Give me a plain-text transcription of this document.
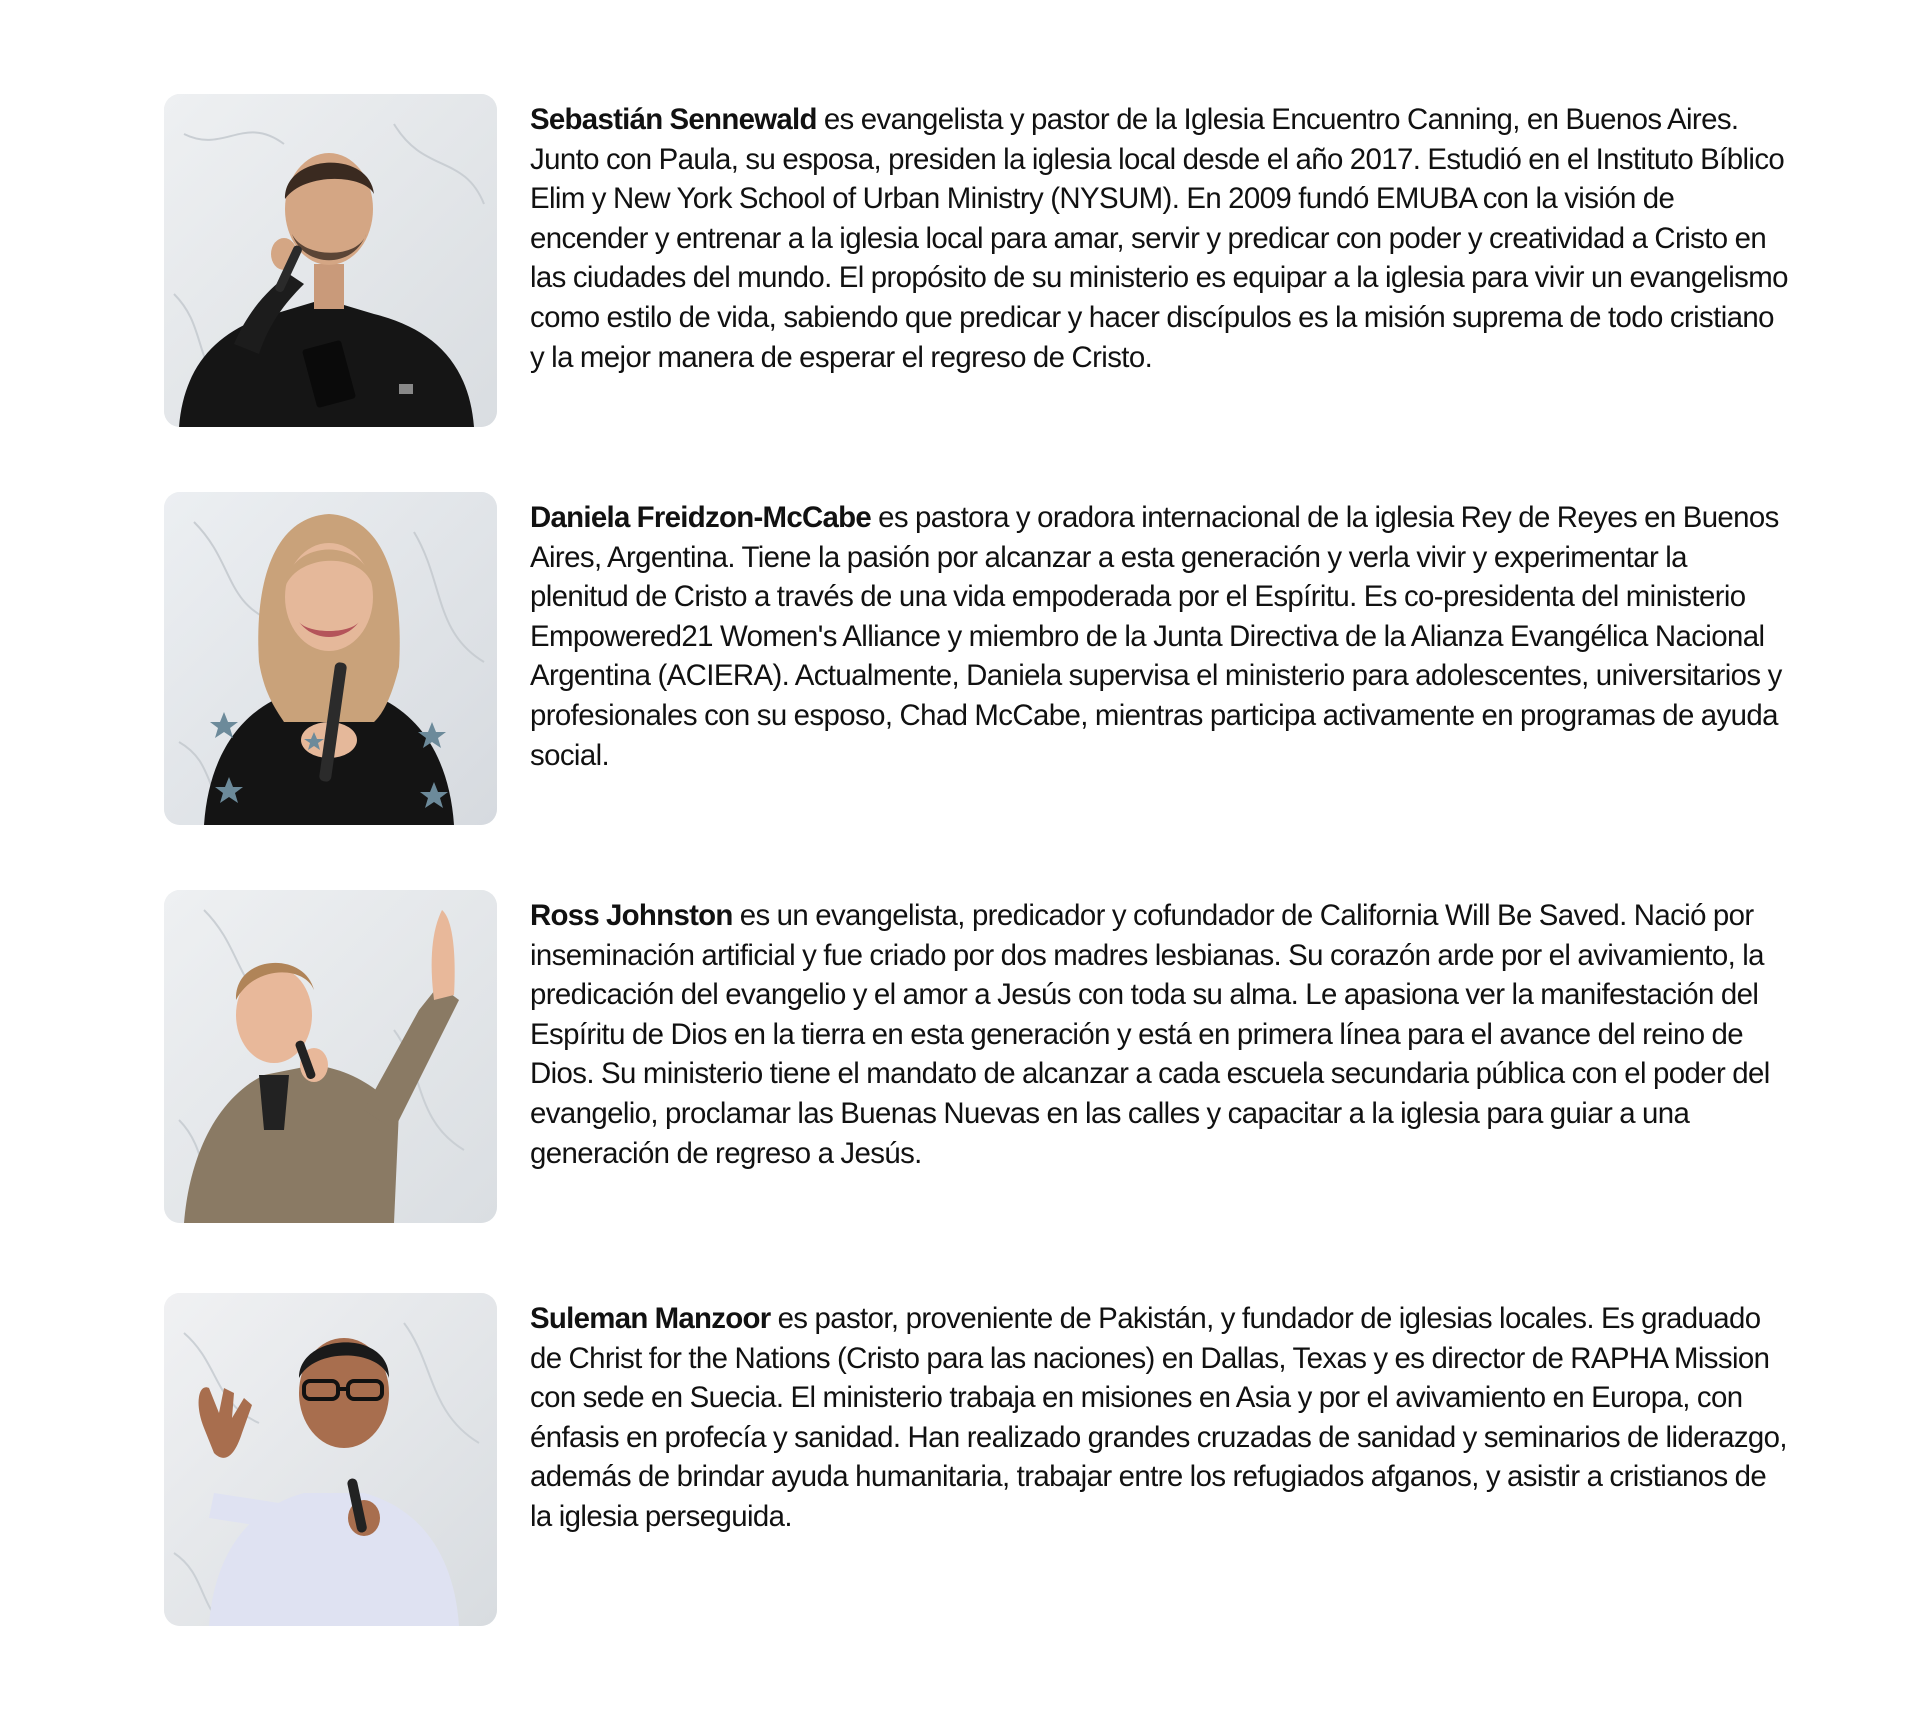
Sebastián Sennewald es evangelista y pastor de la Iglesia Encuentro Canning, en Buenos Aires. Junto con Paula, su esposa, presiden la iglesia local desde el año 2017. Estudió en el Instituto Bíblico Elim y New York School of Urban Ministry (NYSUM). En 2009 fundó EMUBA con la visión de encender y entrenar a la iglesia local para amar, servir y predicar con poder y creatividad a Cristo en las ciudades del mundo. El propósito de su ministerio es equipar a la iglesia para vivir un evangelismo como estilo de vida, sabiendo que predicar y hacer discípulos es la misión suprema de todo cristiano y la mejor manera de esperar el regreso de Cristo.

Daniela Freidzon-McCabe es pastora y oradora internacional de la iglesia Rey de Reyes en Buenos Aires, Argentina. Tiene la pasión por alcanzar a esta generación y verla vivir y experimentar la plenitud de Cristo a través de una vida empoderada por el Espíritu. Es co-presidenta del ministerio Empowered21 Women's Alliance y miembro de la Junta Directiva de la Alianza Evangélica Nacional Argentina (ACIERA). Actualmente, Daniela supervisa el ministerio para adolescentes, universitarios y profesionales con su esposo, Chad McCabe, mientras participa activamente en programas de ayuda social.

Ross Johnston es un evangelista, predicador y cofundador de California Will Be Saved. Nació por inseminación artificial y fue criado por dos madres lesbianas. Su corazón arde por el avivamiento, la predicación del evangelio y el amor a Jesús con toda su alma. Le apasiona ver la manifestación del Espíritu de Dios en la tierra en esta generación y está en primera línea para el avance del reino de Dios. Su ministerio tiene el mandato de alcanzar a cada escuela secundaria pública con el poder del evangelio, proclamar las Buenas Nuevas en las calles y capacitar a la iglesia para guiar a una generación de regreso a Jesús.

Suleman Manzoor es pastor, proveniente de Pakistán, y fundador de iglesias locales. Es graduado de Christ for the Nations (Cristo para las naciones) en Dallas, Texas y es director de RAPHA Mission con sede en Suecia. El ministerio trabaja en misiones en Asia y por el avivamiento en Europa, con énfasis en profecía y sanidad. Han realizado grandes cruzadas de sanidad y seminarios de liderazgo, además de brindar ayuda humanitaria, trabajar entre los refugiados afganos, y asistir a cristianos de la iglesia perseguida.
